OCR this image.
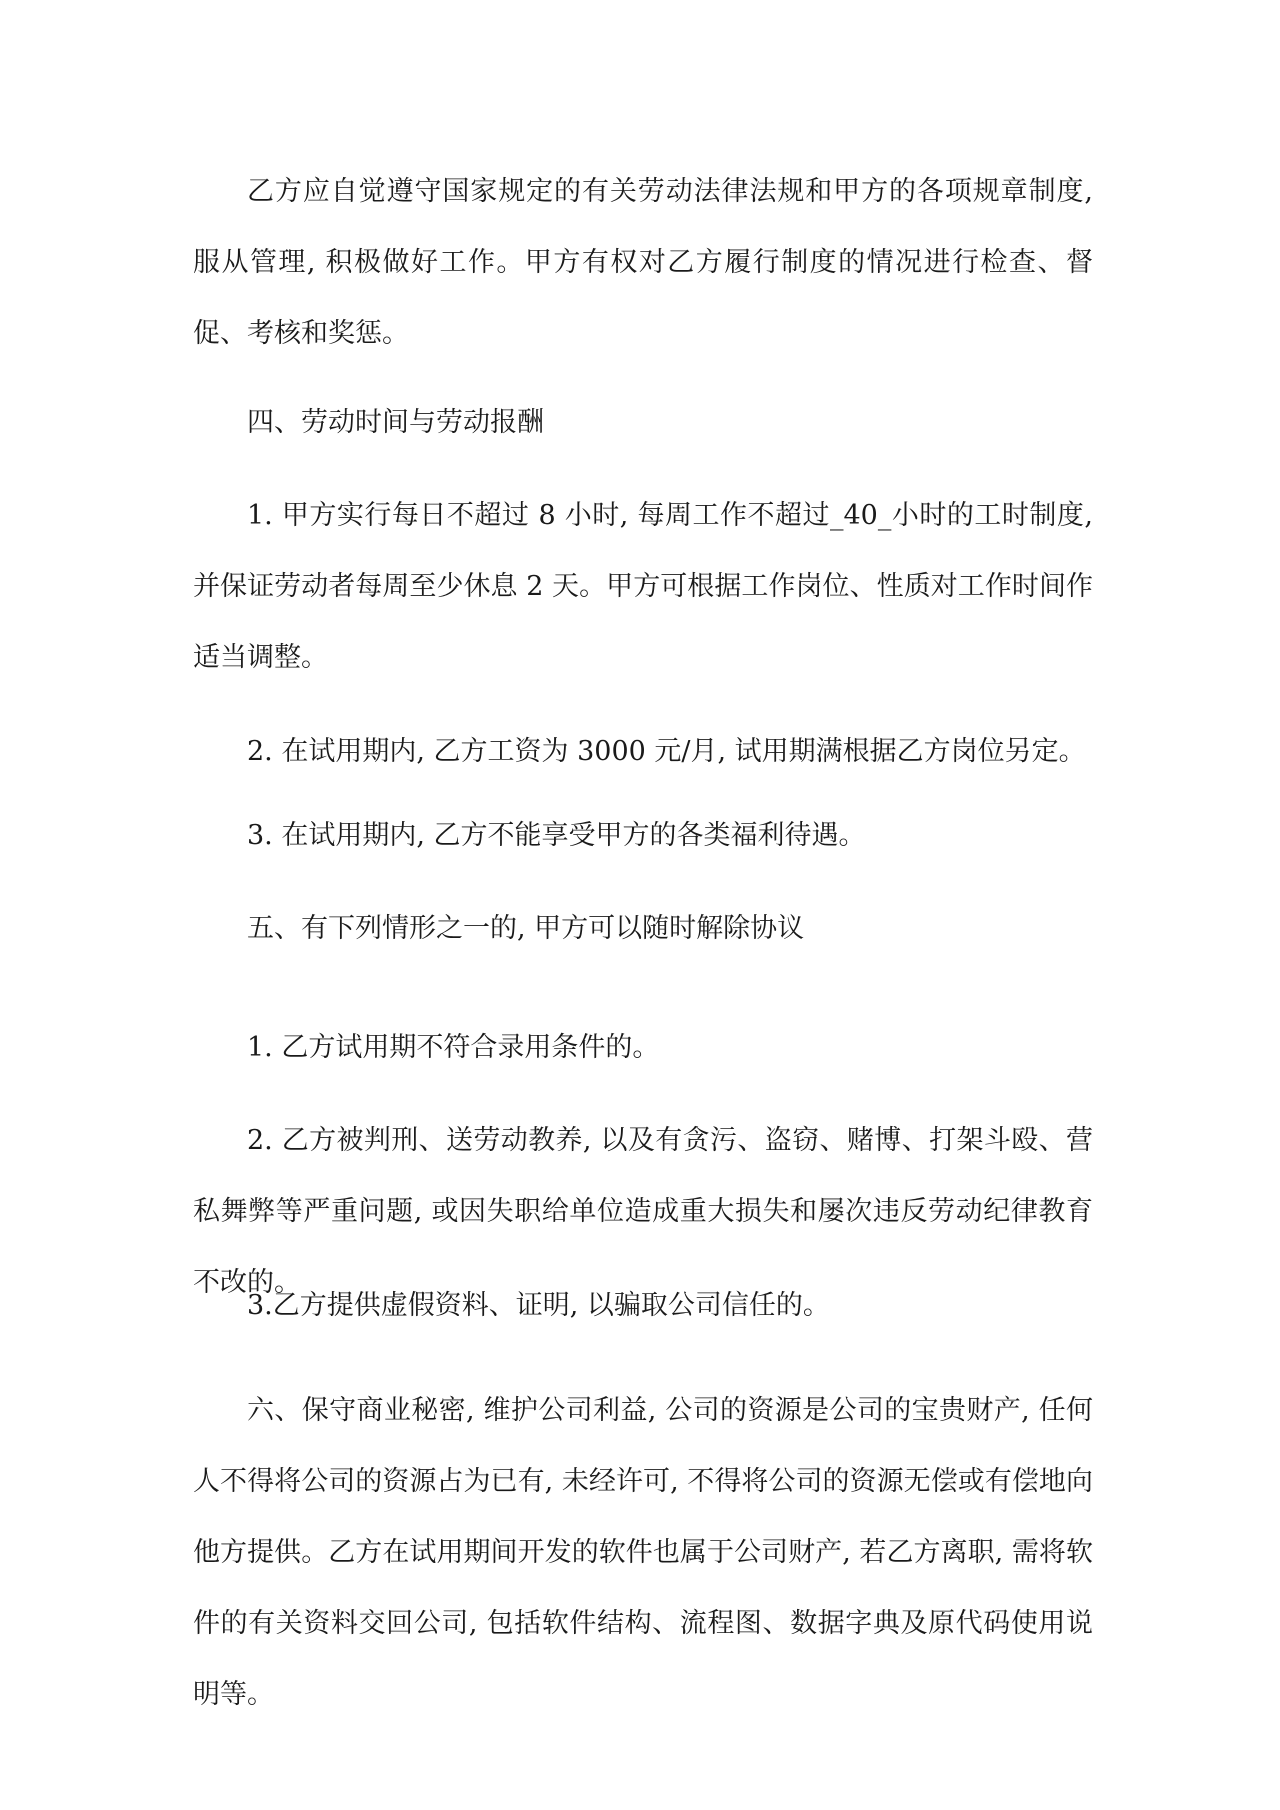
乙方应自觉遵守国家规定的有关劳动法律法规和甲方的各项规章制度, 服从管理, 积极做好工作。甲方有权对乙方履行制度的情况进行检查、督促、考核和奖惩。

四、劳动时间与劳动报酬

1. 甲方实行每日不超过 8 小时, 每周工作不超过_40_小时的工时制度, 并保证劳动者每周至少休息 2 天。甲方可根据工作岗位、性质对工作时间作适当调整。

2. 在试用期内, 乙方工资为 3000 元/月, 试用期满根据乙方岗位另定。

3. 在试用期内, 乙方不能享受甲方的各类福利待遇。

五、有下列情形之一的, 甲方可以随时解除协议

1. 乙方试用期不符合录用条件的。

2. 乙方被判刑、送劳动教养, 以及有贪污、盗窃、赌博、打架斗殴、营私舞弊等严重问题, 或因失职给单位造成重大损失和屡次违反劳动纪律教育不改的。

3.乙方提供虚假资料、证明, 以骗取公司信任的。

六、保守商业秘密, 维护公司利益, 公司的资源是公司的宝贵财产, 任何人不得将公司的资源占为已有, 未经许可, 不得将公司的资源无偿或有偿地向他方提供。乙方在试用期间开发的软件也属于公司财产, 若乙方离职, 需将软件的有关资料交回公司, 包括软件结构、流程图、数据字典及原代码使用说明等。
